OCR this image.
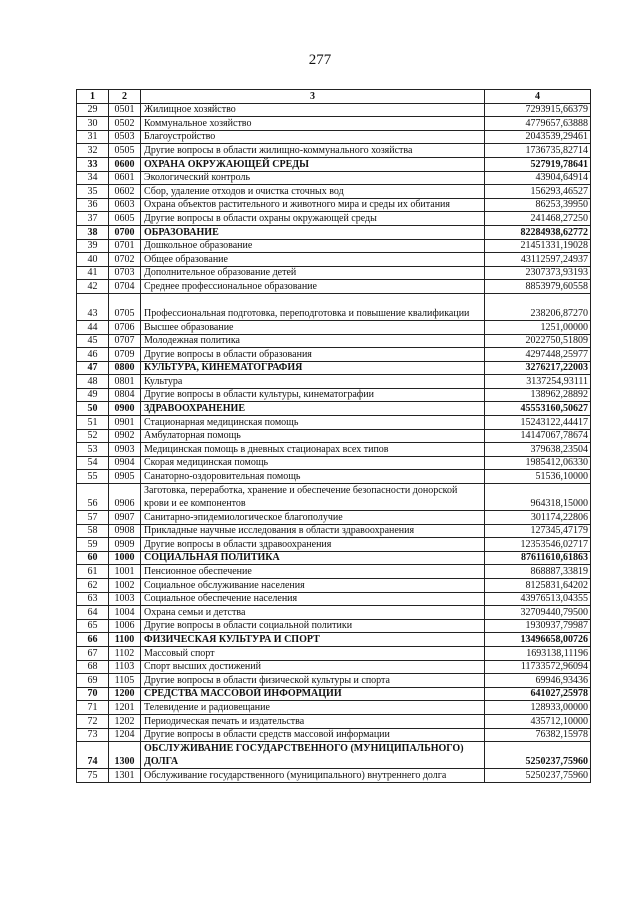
277
1	2	3	4
29	0501	Жилищное хозяйство	7293915,66379
30	0502	Коммунальное хозяйство	4779657,63888
31	0503	Благоустройство	2043539,29461
32	0505	Другие вопросы в области жилищно-коммунального хозяйства	1736735,82714
33	0600	ОХРАНА ОКРУЖАЮЩЕЙ СРЕДЫ	527919,78641
34	0601	Экологический контроль	43904,64914
35	0602	Сбор, удаление отходов и очистка сточных вод	156293,46527
36	0603	Охрана объектов растительного и животного мира и среды их обитания	86253,39950
37	0605	Другие вопросы в области охраны окружающей среды	241468,27250
38	0700	ОБРАЗОВАНИЕ	82284938,62772
39	0701	Дошкольное образование	21451331,19028
40	0702	Общее образование	43112597,24937
41	0703	Дополнительное образование детей	2307373,93193
42	0704	Среднее профессиональное образование	8853979,60558
43	0705	Профессиональная подготовка, переподготовка и повышение квалификации	238206,87270
44	0706	Высшее образование	1251,00000
45	0707	Молодежная политика	2022750,51809
46	0709	Другие вопросы в области образования	4297448,25977
47	0800	КУЛЬТУРА, КИНЕМАТОГРАФИЯ	3276217,22003
48	0801	Культура	3137254,93111
49	0804	Другие вопросы в области культуры, кинематографии	138962,28892
50	0900	ЗДРАВООХРАНЕНИЕ	45553160,50627
51	0901	Стационарная медицинская помощь	15243122,44417
52	0902	Амбулаторная помощь	14147067,78674
53	0903	Медицинская помощь в дневных стационарах всех типов	379638,23504
54	0904	Скорая медицинская помощь	1985412,06330
55	0905	Санаторно-оздоровительная помощь	51536,10000
56	0906	Заготовка, переработка, хранение и обеспечение безопасности донорской крови и ее компонентов	964318,15000
57	0907	Санитарно-эпидемиологическое благополучие	301174,22806
58	0908	Прикладные научные исследования в области здравоохранения	127345,47179
59	0909	Другие вопросы в области здравоохранения	12353546,02717
60	1000	СОЦИАЛЬНАЯ ПОЛИТИКА	87611610,61863
61	1001	Пенсионное обеспечение	868887,33819
62	1002	Социальное обслуживание населения	8125831,64202
63	1003	Социальное обеспечение населения	43976513,04355
64	1004	Охрана семьи и детства	32709440,79500
65	1006	Другие вопросы в области социальной политики	1930937,79987
66	1100	ФИЗИЧЕСКАЯ КУЛЬТУРА И СПОРТ	13496658,00726
67	1102	Массовый спорт	1693138,11196
68	1103	Спорт высших достижений	11733572,96094
69	1105	Другие вопросы в области физической культуры и спорта	69946,93436
70	1200	СРЕДСТВА МАССОВОЙ ИНФОРМАЦИИ	641027,25978
71	1201	Телевидение и радиовещание	128933,00000
72	1202	Периодическая печать и издательства	435712,10000
73	1204	Другие вопросы в области средств массовой информации	76382,15978
74	1300	ОБСЛУЖИВАНИЕ ГОСУДАРСТВЕННОГО (МУНИЦИПАЛЬНОГО) ДОЛГА	5250237,75960
75	1301	Обслуживание государственного (муниципального) внутреннего долга	5250237,75960
